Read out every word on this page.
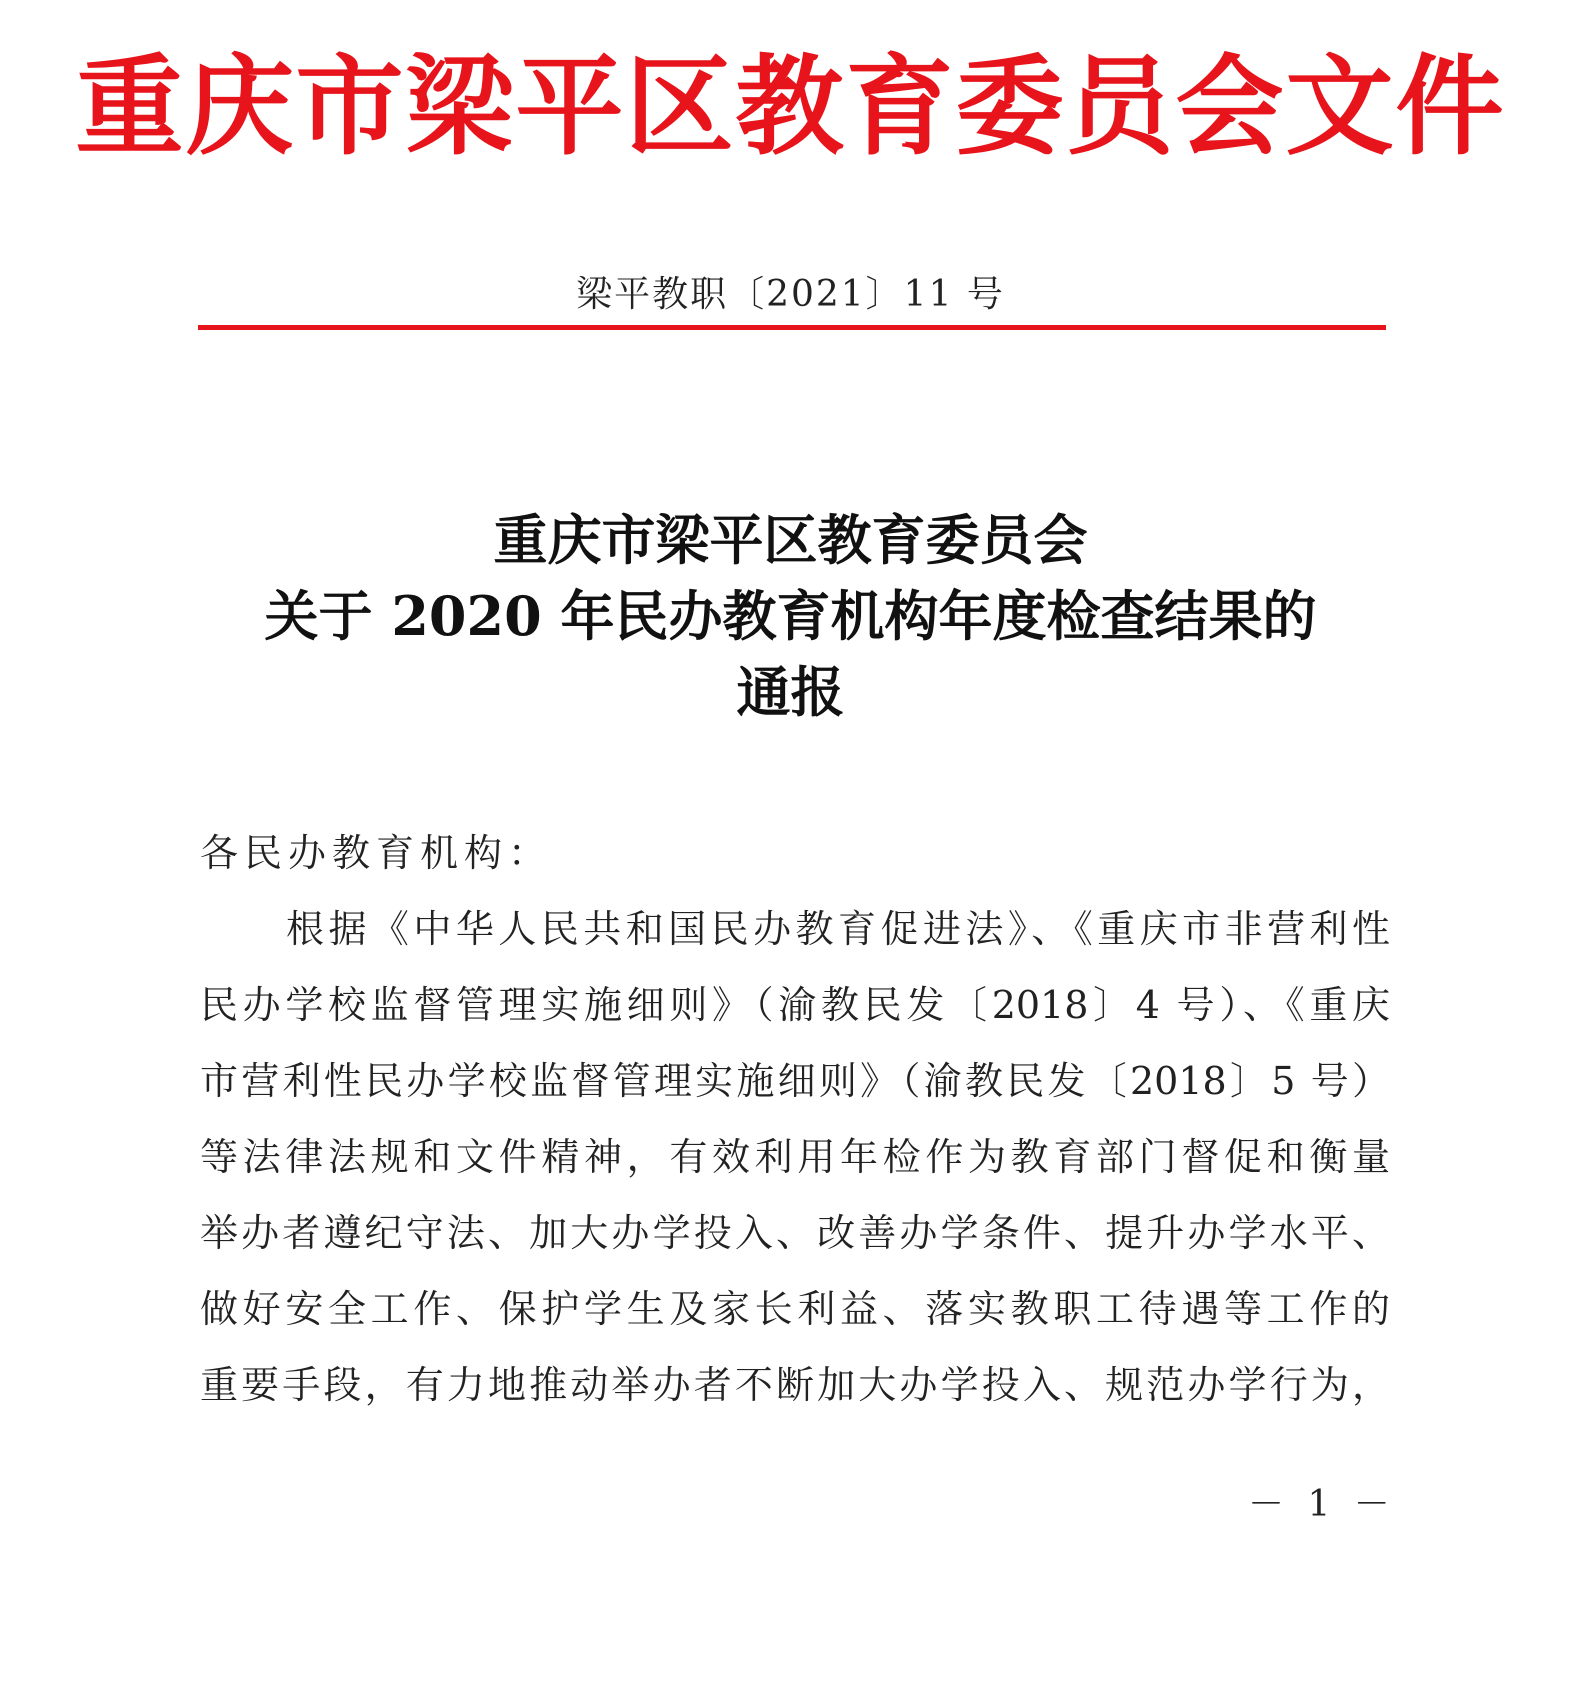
重庆市梁平区教育委员会文件
梁平教职〔2021〕11 号
重庆市梁平区教育委员会
关于 2020 年民办教育机构年度检查结果的
通报
各民办教育机构：
根据《中华人民共和国民办教育促进法》、《重庆市非营利性
民办学校监督管理实施细则》（渝教民发〔2018〕4 号）、《重庆
市营利性民办学校监督管理实施细则》（渝教民发〔2018〕5 号）
等法律法规和文件精神，有效利用年检作为教育部门督促和衡量
举办者遵纪守法、加大办学投入、改善办学条件、提升办学水平、
做好安全工作、保护学生及家长利益、落实教职工待遇等工作的
重要手段，有力地推动举办者不断加大办学投入、规范办学行为，
－ 1 －
